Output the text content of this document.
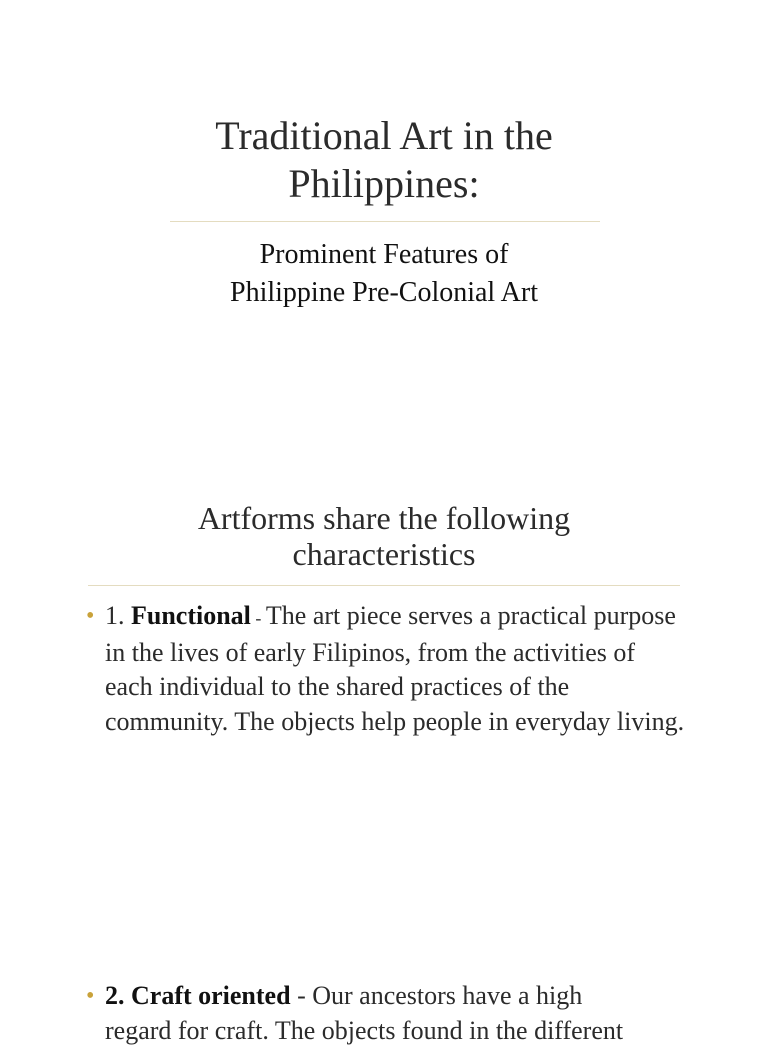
Traditional Art in the
Philippines:
Prominent Features of
Philippine Pre-Colonial Art
Artforms share the following
characteristics
• 1. Functional - The art piece serves a practical purpose in the lives of early Filipinos, from the activities of each individual to the shared practices of the community. The objects help people in everyday living.
• 2. Craft oriented - Our ancestors have a high
regard for craft. The objects found in the different
